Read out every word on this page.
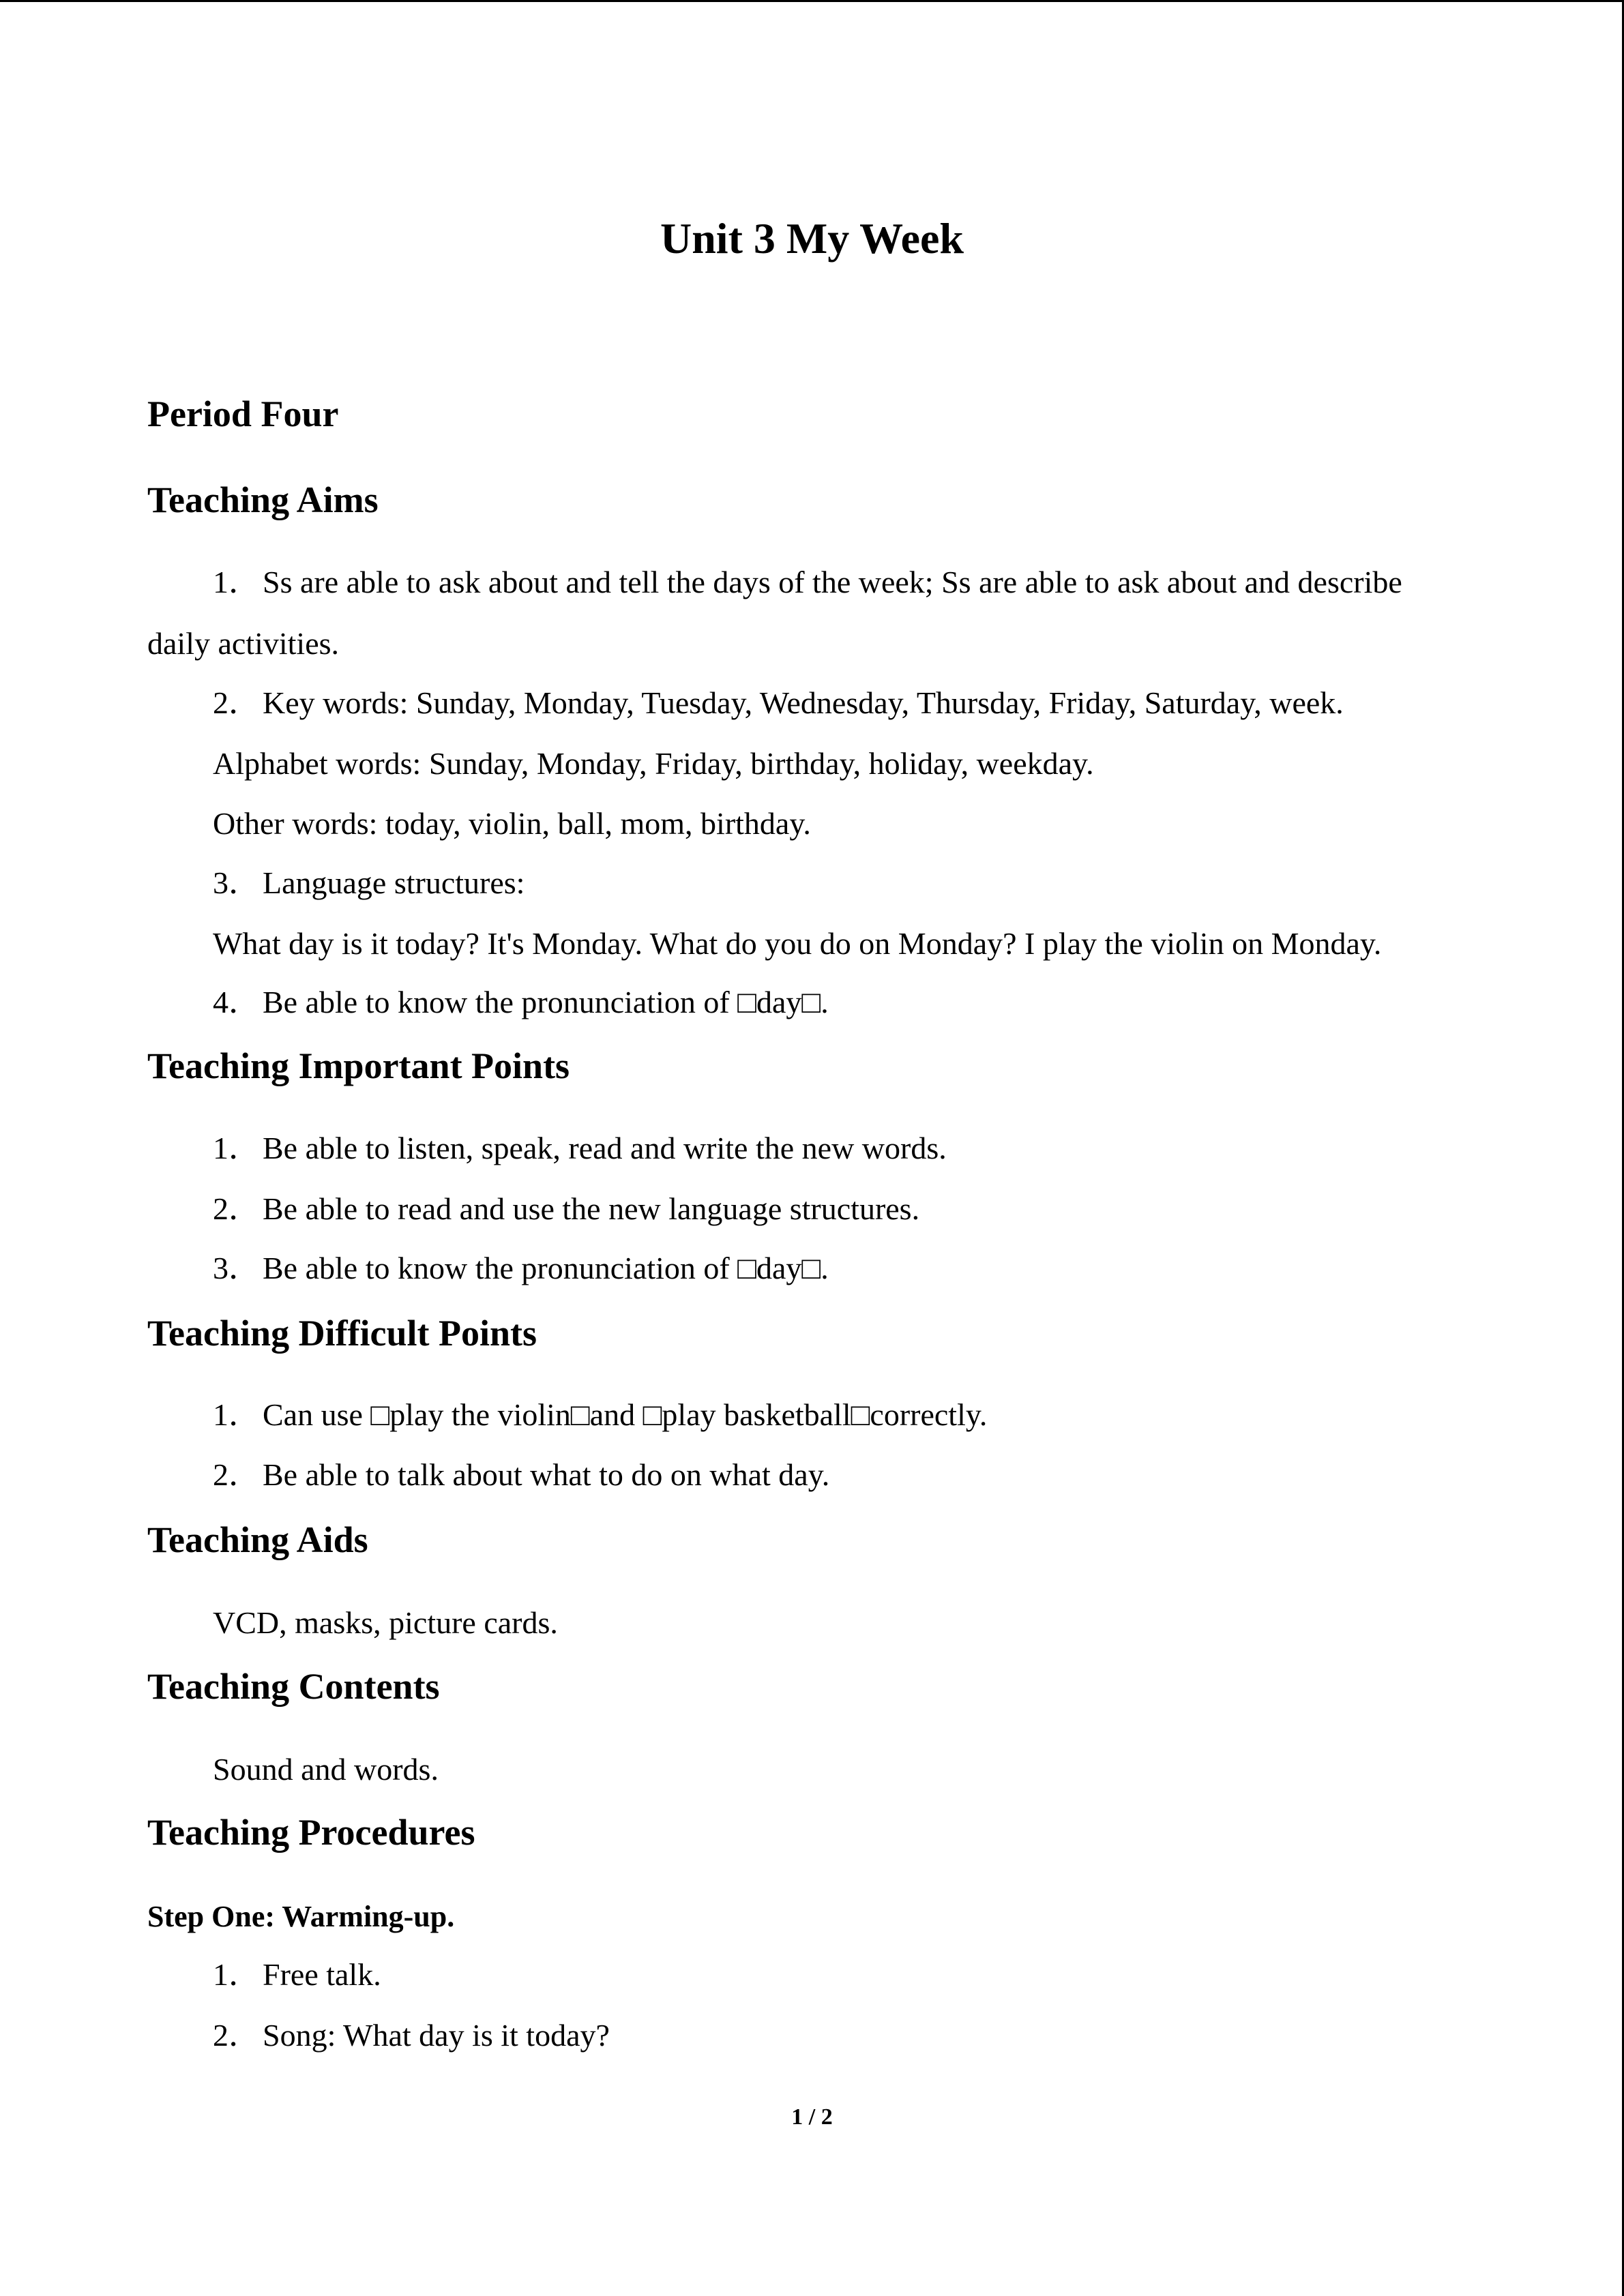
Unit 3 My Week
Period Four
Teaching Aims
1．Ss are able to ask about and tell the days of the week; Ss are able to ask about and describe
daily activities.
2．Key words: Sunday, Monday, Tuesday, Wednesday, Thursday, Friday, Saturday, week.
Alphabet words: Sunday, Monday, Friday, birthday, holiday, weekday.
Other words: today, violin, ball, mom, birthday.
3．Language structures:
What day is it today? It's Monday. What do you do on Monday? I play the violin on Monday.
4．Be able to know the pronunciation of □day□.
Teaching Important Points
1．Be able to listen, speak, read and write the new words.
2．Be able to read and use the new language structures.
3．Be able to know the pronunciation of □day□.
Teaching Difficult Points
1．Can use □play the violin□and □play basketball□correctly.
2．Be able to talk about what to do on what day.
Teaching Aids
VCD, masks, picture cards.
Teaching Contents
Sound and words.
Teaching Procedures
Step One: Warming-up.
1．Free talk.
2．Song: What day is it today?
1 / 2
